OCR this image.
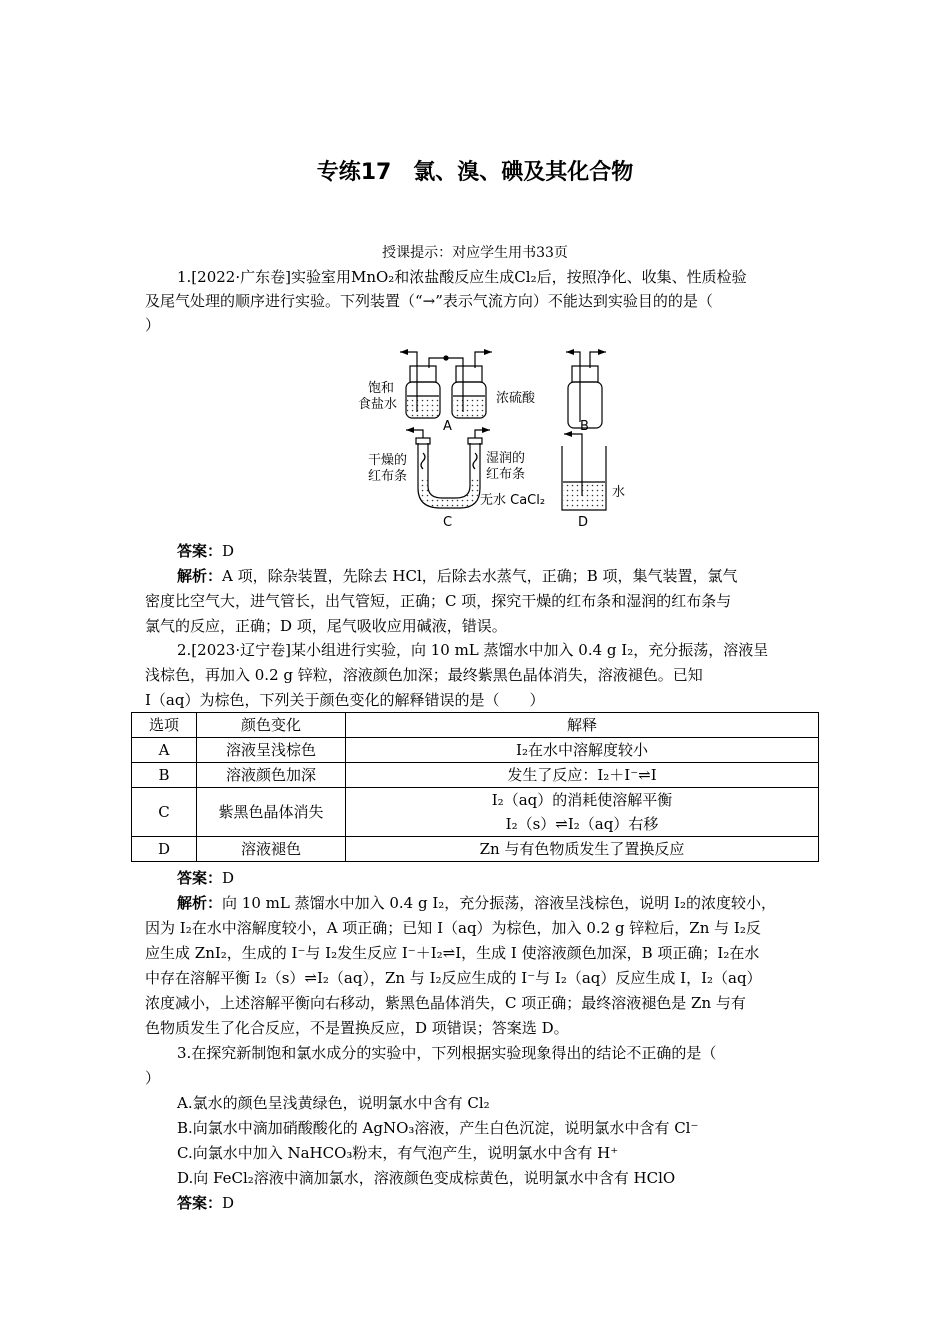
专练17　氯、溴、碘及其化合物
授课提示：对应学生用书33页
1.[2022·广东卷]实验室用MnO₂和浓盐酸反应生成Cl₂后，按照净化、收集、性质检验
及尾气处理的顺序进行实验。下列装置（“→”表示气流方向）不能达到实验目的的是（
）
饱和
食盐水	浓硫酸
A	B
干燥的
红布条
湿润的
红布条
无水 CaCl₂
C
水
D
答案：D
解析：A 项，除杂装置，先除去 HCl，后除去水蒸气，正确；B 项，集气装置，氯气
密度比空气大，进气管长，出气管短，正确；C 项，探究干燥的红布条和湿润的红布条与
氯气的反应，正确；D 项，尾气吸收应用碱液，错误。
2.[2023·辽宁卷]某小组进行实验，向 10 mL 蒸馏水中加入 0.4 g I₂，充分振荡，溶液呈
浅棕色，再加入 0.2 g 锌粒，溶液颜色加深；最终紫黑色晶体消失，溶液褪色。已知
I（aq）为棕色，下列关于颜色变化的解释错误的是（　　）
选项	颜色变化	解释
A	溶液呈浅棕色	I₂在水中溶解度较小
B	溶液颜色加深	发生了反应：I₂＋I⁻⇌I
C	紫黑色晶体消失	I₂（aq）的消耗使溶解平衡
I₂（s）⇌I₂（aq）右移

D	溶液褪色	Zn 与有色物质发生了置换反应
答案：D
解析：向 10 mL 蒸馏水中加入 0.4 g I₂，充分振荡，溶液呈浅棕色，说明 I₂的浓度较小，
因为 I₂在水中溶解度较小，A 项正确；已知 I（aq）为棕色，加入 0.2 g 锌粒后，Zn 与 I₂反
应生成 ZnI₂，生成的 I⁻与 I₂发生反应 I⁻＋I₂⇌I，生成 I 使溶液颜色加深，B 项正确；I₂在水
中存在溶解平衡 I₂（s）⇌I₂（aq），Zn 与 I₂反应生成的 I⁻与 I₂（aq）反应生成 I，I₂（aq）
浓度减小，上述溶解平衡向右移动，紫黑色晶体消失，C 项正确；最终溶液褪色是 Zn 与有
色物质发生了化合反应，不是置换反应，D 项错误；答案选 D。
3.在探究新制饱和氯水成分的实验中，下列根据实验现象得出的结论不正确的是（
）
A.氯水的颜色呈浅黄绿色，说明氯水中含有 Cl₂
B.向氯水中滴加硝酸酸化的 AgNO₃溶液，产生白色沉淀，说明氯水中含有 Cl⁻
C.向氯水中加入 NaHCO₃粉末，有气泡产生，说明氯水中含有 H⁺
D.向 FeCl₂溶液中滴加氯水，溶液颜色变成棕黄色，说明氯水中含有 HClO
答案：D
